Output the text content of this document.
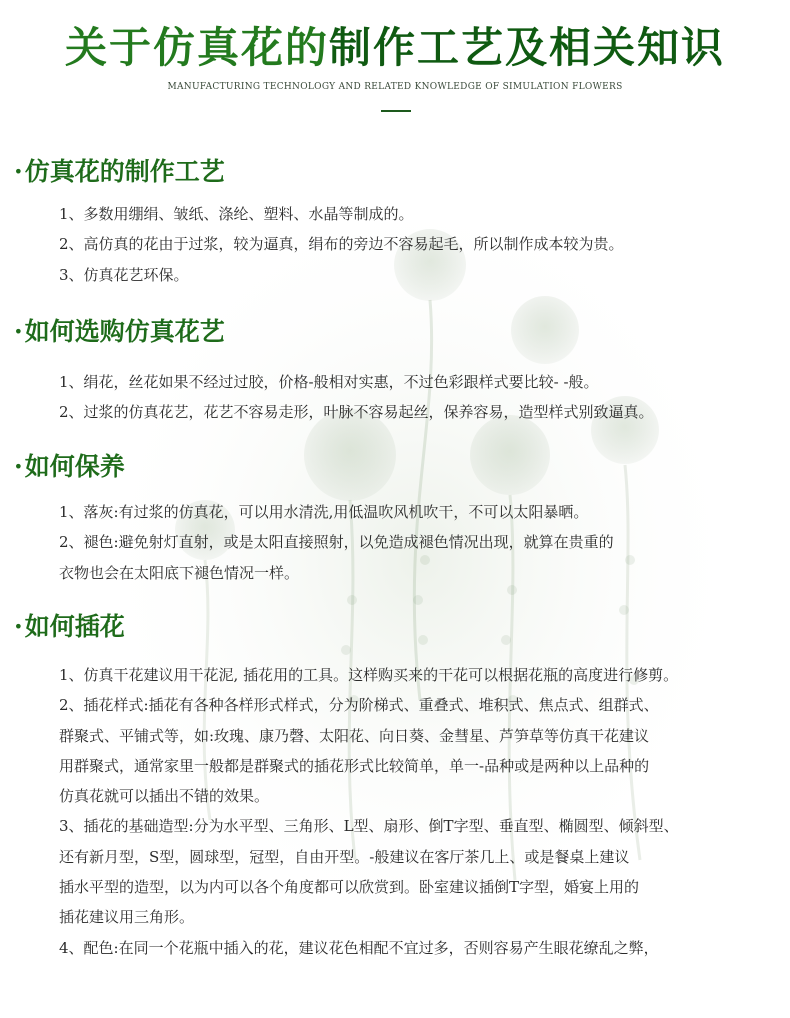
关于仿真花的制作工艺及相关知识
MANUFACTURING TECHNOLOGY AND RELATED KNOWLEDGE OF SIMULATION FLOWERS
·仿真花的制作工艺
1、多数用绷绢、皱纸、涤纶、塑料、水晶等制成的。
2、高仿真的花由于过浆，较为逼真，绢布的旁边不容易起毛，所以制作成本较为贵。
3、仿真花艺环保。
·如何选购仿真花艺
1、绢花，丝花如果不经过过胶，价格-般相对实惠，不过色彩跟样式要比较- -般。
2、过浆的仿真花艺，花艺不容易走形，叶脉不容易起丝，保养容易，造型样式别致逼真。
·如何保养
1、落灰:有过浆的仿真花，可以用水清洗,用低温吹风机吹干，不可以太阳暴晒。
2、褪色:避免射灯直射，或是太阳直接照射，以免造成褪色情况出现，就算在贵重的
衣物也会在太阳底下褪色情况一样。
·如何插花
1、仿真干花建议用干花泥, 插花用的工具。这样购买来的干花可以根据花瓶的高度进行修剪。
2、插花样式:插花有各种各样形式样式，分为阶梯式、重叠式、堆积式、焦点式、组群式、
群聚式、平铺式等，如:玫瑰、康乃磬、太阳花、向日葵、金彗星、芦笋草等仿真干花建议
用群聚式，通常家里一般都是群聚式的插花形式比较简单，单一-品种或是两种以上品种的
仿真花就可以插出不错的效果。
3、插花的基础造型:分为水平型、三角形、L型、扇形、倒T字型、垂直型、椭圆型、倾斜型、
还有新月型，S型，圆球型，冠型，自由开型。-般建议在客厅茶几上、或是餐桌上建议
插水平型的造型，以为内可以各个角度都可以欣赏到。卧室建议插倒T字型，婚宴上用的
插花建议用三角形。
4、配色:在同一个花瓶中插入的花，建议花色相配不宜过多，否则容易产生眼花缭乱之弊，
